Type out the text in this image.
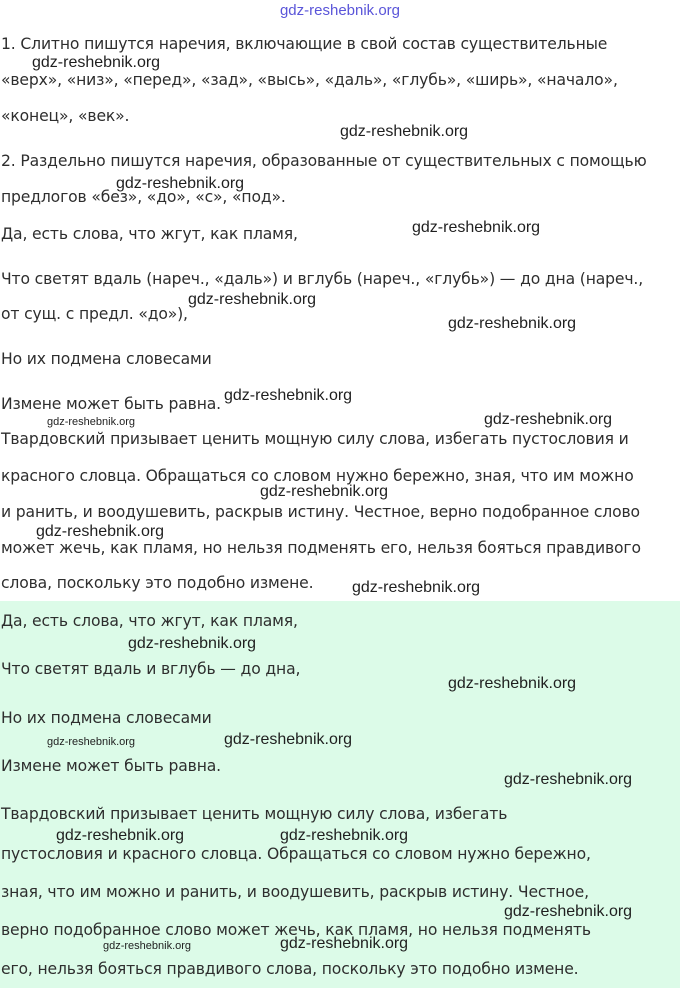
gdz-reshebnik.org
1. Слитно пишутся наречия, включающие в свой состав существительные
«верх», «низ», «перед», «зад», «высь», «даль», «глубь», «ширь», «начало»,
«конец», «век».
2. Раздельно пишутся наречия, образованные от существительных с помощью
предлогов «без», «до», «с», «под».
Да, есть слова, что жгут, как пламя,
Что светят вдаль (нареч., «даль») и вглубь (нареч., «глубь») — до дна (нареч.,
от сущ. с предл. «до»),
Но их подмена словесами
Измене может быть равна.
Твардовский призывает ценить мощную силу слова, избегать пустословия и
красного словца. Обращаться со словом нужно бережно, зная, что им можно
и ранить, и воодушевить, раскрыв истину. Честное, верно подобранное слово
может жечь, как пламя, но нельзя подменять его, нельзя бояться правдивого
слова, поскольку это подобно измене.
Да, есть слова, что жгут, как пламя,
Что светят вдаль и вглубь — до дна,
Но их подмена словесами
Измене может быть равна.
Твардовский призывает ценить мощную силу слова, избегать
пустословия и красного словца. Обращаться со словом нужно бережно,
зная, что им можно и ранить, и воодушевить, раскрыв истину. Честное,
верно подобранное слово может жечь, как пламя, но нельзя подменять
его, нельзя бояться правдивого слова, поскольку это подобно измене.
gdz-reshebnik.org
gdz-reshebnik.org
gdz-reshebnik.org
gdz-reshebnik.org
gdz-reshebnik.org
gdz-reshebnik.org
gdz-reshebnik.org
gdz-reshebnik.org	gdz-reshebnik.org
gdz-reshebnik.org
gdz-reshebnik.org
gdz-reshebnik.org
gdz-reshebnik.org
gdz-reshebnik.org
gdz-reshebnik.org	gdz-reshebnik.org
gdz-reshebnik.org
gdz-reshebnik.org	gdz-reshebnik.org
gdz-reshebnik.org
gdz-reshebnik.org	gdz-reshebnik.org
